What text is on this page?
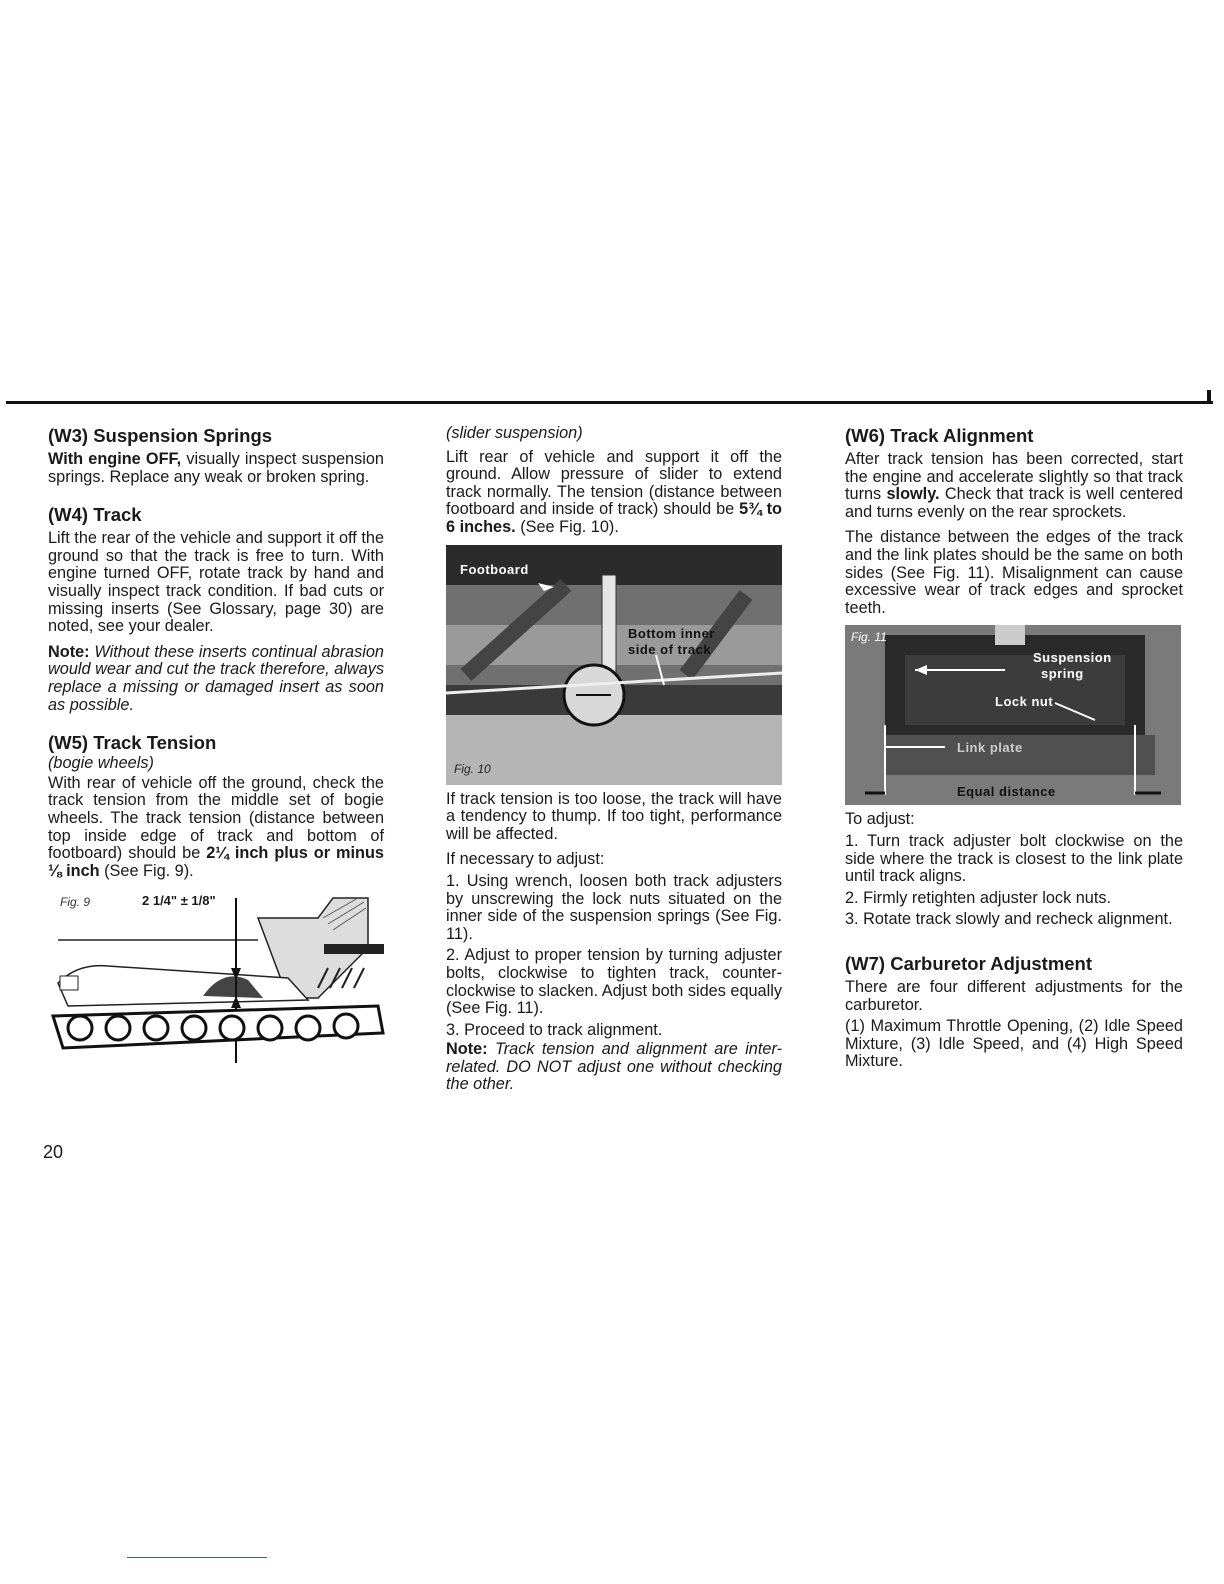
(W3) Suspension Springs

With engine OFF, visually inspect suspension springs. Replace any weak or broken spring.

(W4) Track

Lift the rear of the vehicle and support it off the ground so that the track is free to turn. With engine turned OFF, rotate track by hand and visually inspect track condition. If bad cuts or missing inserts (See Glossary, page 30) are noted, see your dealer.

Note: Without these inserts continual abrasion would wear and cut the track therefore, always replace a missing or damaged insert as soon as possible.

(W5) Track Tension
(bogie wheels)

With rear of vehicle off the ground, check the track tension from the middle set of bogie wheels. The track tension (distance between top inside edge of track and bottom of footboard) should be 2¼ inch plus or minus ⅛ inch (See Fig. 9).

Fig. 9	2 1/4" ± 1/8"
(slider suspension)

Lift rear of vehicle and support it off the ground. Allow pressure of slider to extend track normally. The tension (distance between footboard and inside of track) should be 5¾ to 6 inches. (See Fig. 10).

Footboard
Bottom inner
side of track
Fig. 10

If track tension is too loose, the track will have a tendency to thump. If too tight, performance will be affected.

If necessary to adjust:

1. Using wrench, loosen both track adjusters by unscrewing the lock nuts situated on the inner side of the suspension springs (See Fig. 11).

2. Adjust to proper tension by turning adjuster bolts, clockwise to tighten track, counter-clockwise to slacken. Adjust both sides equally (See Fig. 11).

3. Proceed to track alignment.

Note: Track tension and alignment are inter-related. DO NOT adjust one without checking the other.

(W6) Track Alignment

After track tension has been corrected, start the engine and accelerate slightly so that track turns slowly. Check that track is well centered and turns evenly on the rear sprockets.

The distance between the edges of the track and the link plates should be the same on both sides (See Fig. 11). Misalignment can cause excessive wear of track edges and sprocket teeth.

Fig. 11
Suspension
spring
Lock nut
Link plate
Equal distance

To adjust:

1. Turn track adjuster bolt clockwise on the side where the track is closest to the link plate until track aligns.

2. Firmly retighten adjuster lock nuts.

3. Rotate track slowly and recheck alignment.

(W7) Carburetor Adjustment

There are four different adjustments for the carburetor.

(1) Maximum Throttle Opening, (2) Idle Speed Mixture, (3) Idle Speed, and (4) High Speed Mixture.

20
